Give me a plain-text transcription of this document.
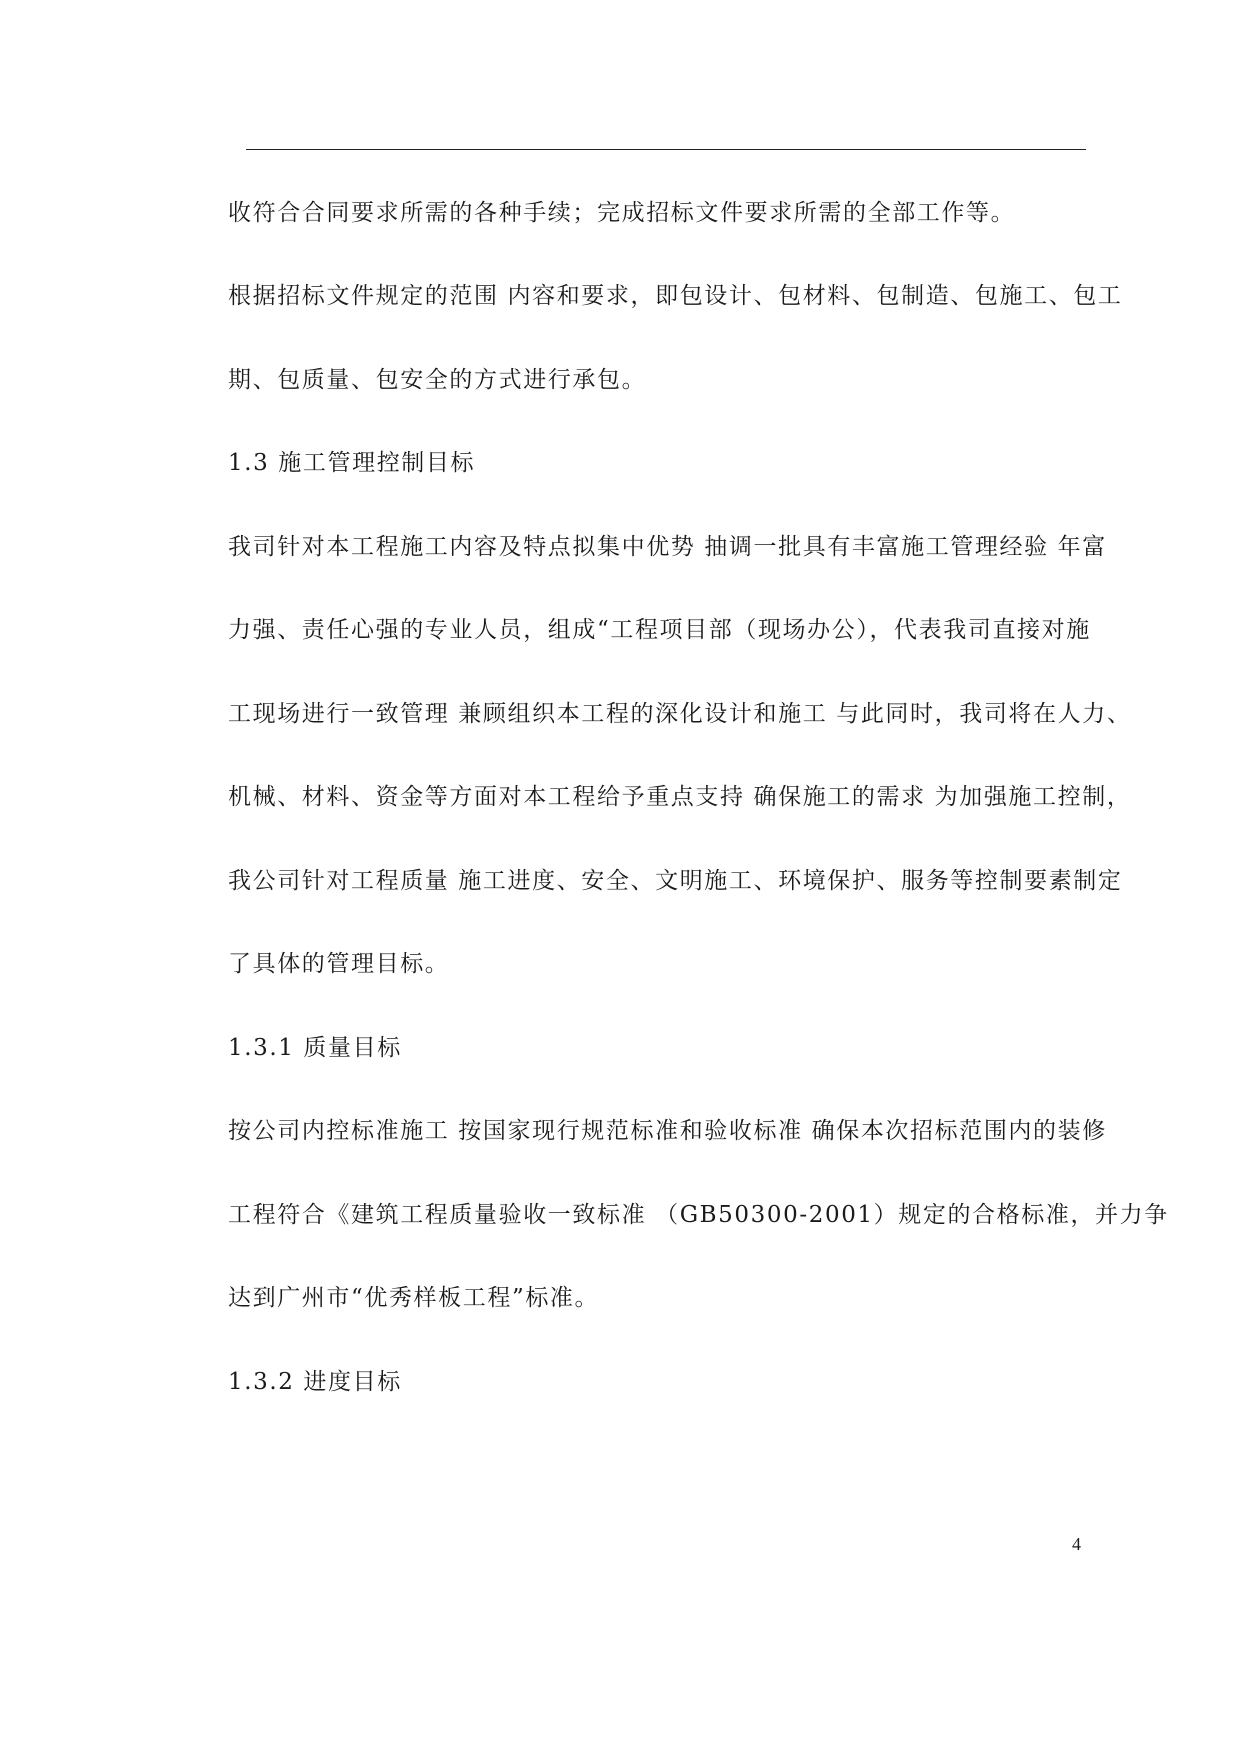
收符合合同要求所需的各种手续；完成招标文件要求所需的全部工作等。

根据招标文件规定的范围 内容和要求，即包设计、包材料、包制造、包施工、包工

期、包质量、包安全的方式进行承包。

1.3 施工管理控制目标

我司针对本工程施工内容及特点拟集中优势 抽调一批具有丰富施工管理经验 年富

力强、责任心强的专业人员，组成“工程项目部（现场办公），代表我司直接对施

工现场进行一致管理 兼顾组织本工程的深化设计和施工 与此同时，我司将在人力、

机械、材料、资金等方面对本工程给予重点支持 确保施工的需求 为加强施工控制，

我公司针对工程质量 施工进度、安全、文明施工、环境保护、服务等控制要素制定

了具体的管理目标。

1.3.1 质量目标

按公司内控标准施工 按国家现行规范标准和验收标准 确保本次招标范围内的装修

工程符合《建筑工程质量验收一致标准 （GB50300-2001）规定的合格标准，并力争

达到广州市“优秀样板工程”标准。

1.3.2 进度目标

4
